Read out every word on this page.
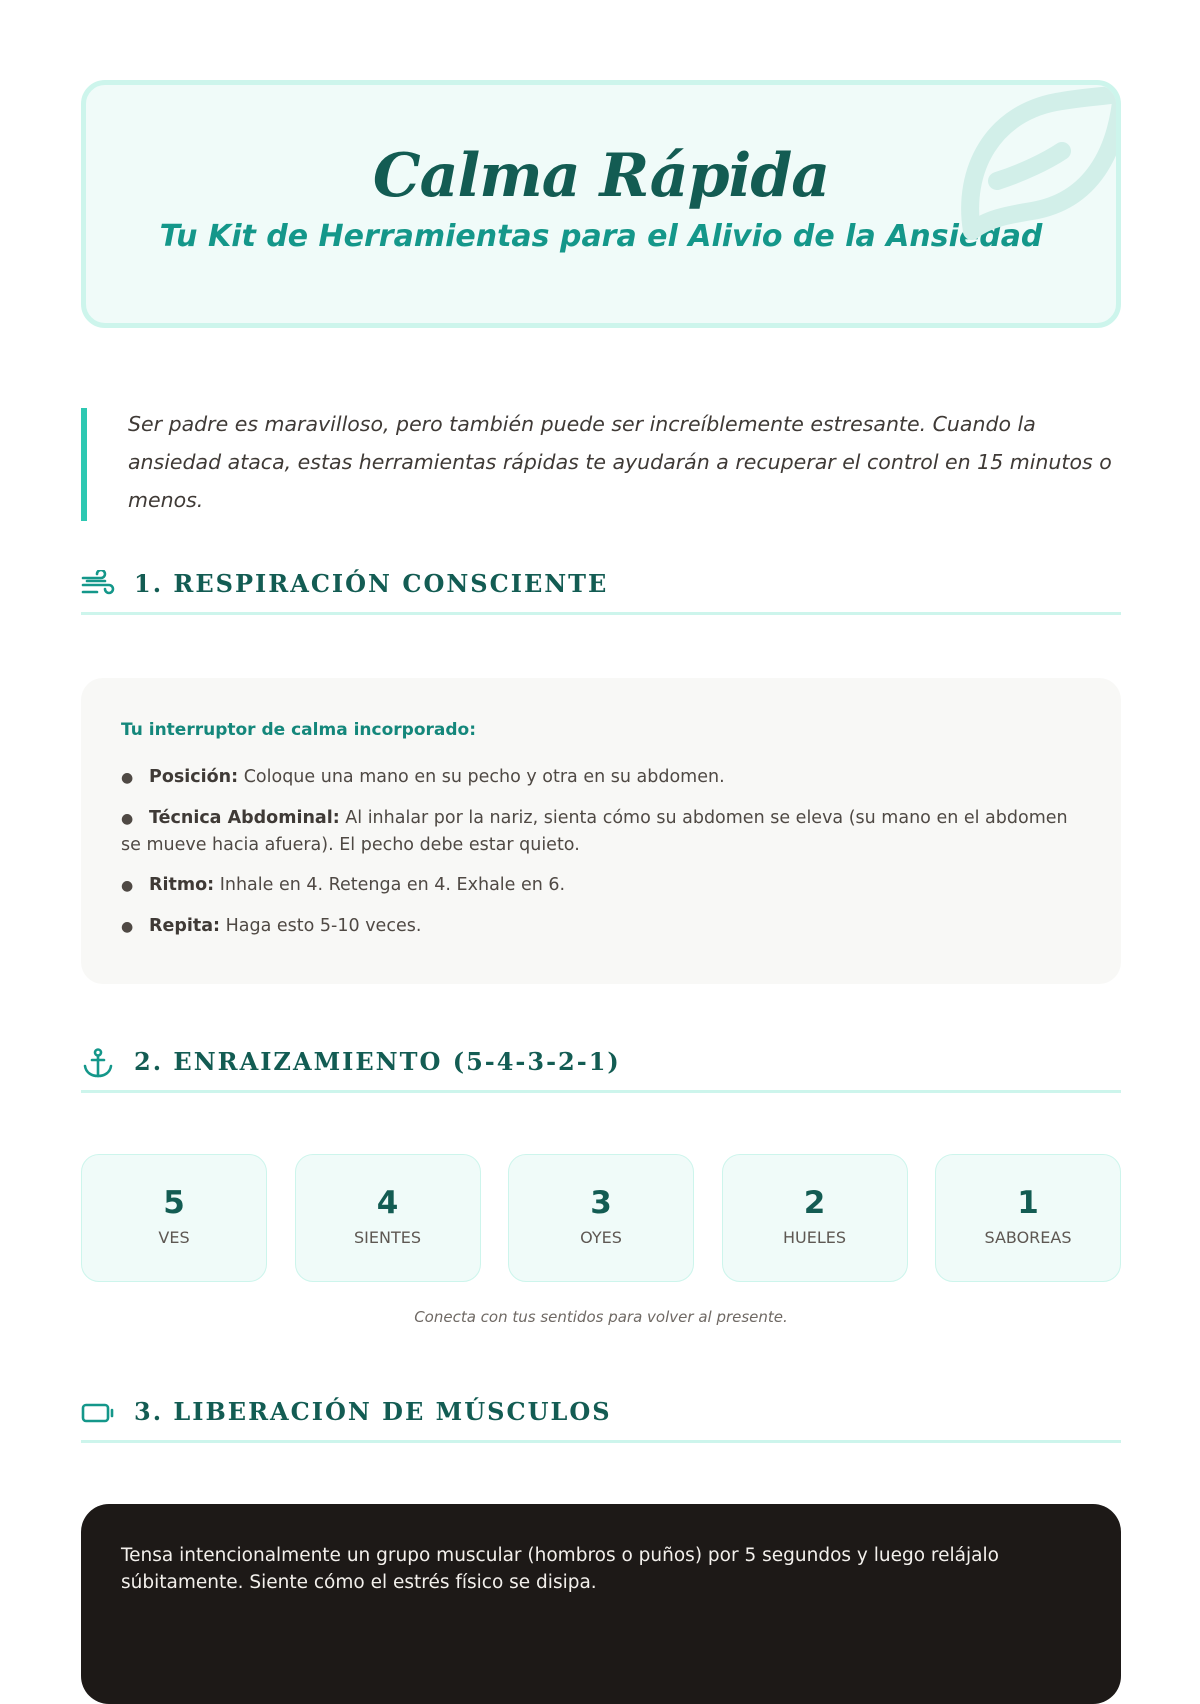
Calma Rápida
Tu Kit de Herramientas para el Alivio de la Ansiedad

Ser padre es maravilloso, pero también puede ser increíblemente estresante. Cuando la ansiedad ataca, estas herramientas rápidas te ayudarán a recuperar el control en 15 minutos o menos.

1. RESPIRACIÓN CONSCIENTE
Tu interruptor de calma incorporado:
● Posición: Coloque una mano en su pecho y otra en su abdomen.
● Técnica Abdominal: Al inhalar por la nariz, sienta cómo su abdomen se eleva (su mano en el abdomen se mueve hacia afuera). El pecho debe estar quieto.
● Ritmo: Inhale en 4. Retenga en 4. Exhale en 6.
● Repita: Haga esto 5-10 veces.
2. ENRAIZAMIENTO (5-4-3-2-1)
5
VES
4
SIENTES
3
OYES
2
HUELES
1
SABOREAS
Conecta con tus sentidos para volver al presente.
3. LIBERACIÓN DE MÚSCULOS

Tensa intencionalmente un grupo muscular (hombros o puños) por 5 segundos y luego relájalo súbitamente. Siente cómo el estrés físico se disipa.
